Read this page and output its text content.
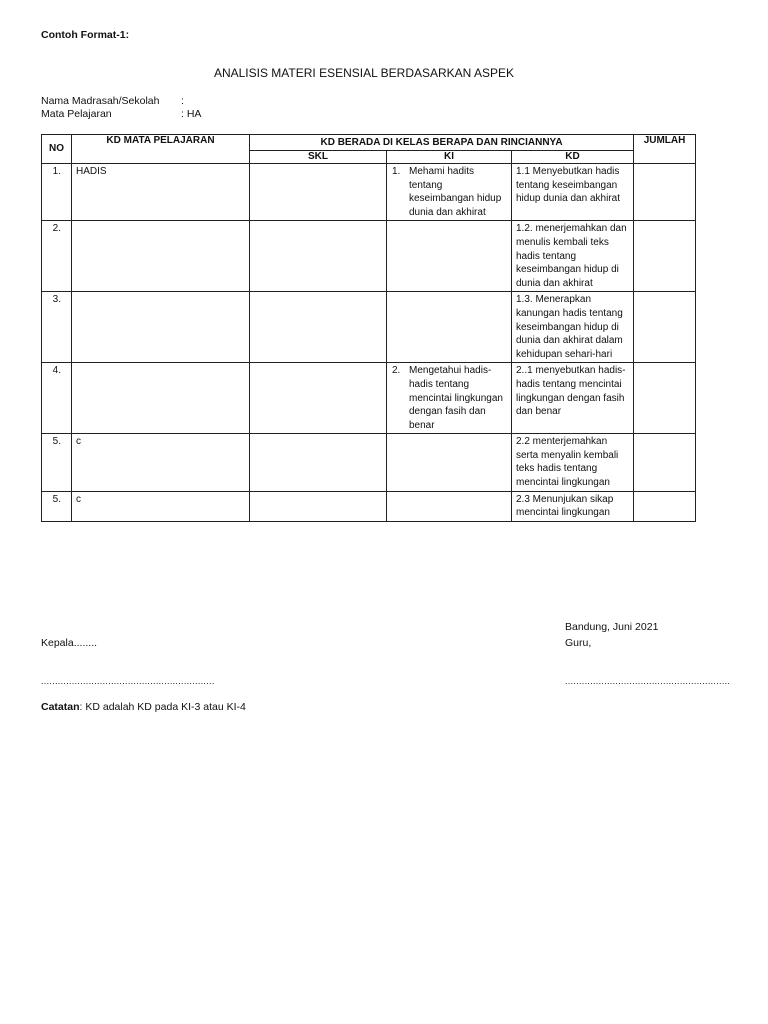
Contoh Format-1:
ANALISIS MATERI ESENSIAL BERDASARKAN ASPEK
Nama Madrasah/Sekolah :
Mata Pelajaran	: HA
NO	KD MATA PELAJARAN	KD BERADA DI KELAS BERAPA DAN RINCIANNYA			JUMLAH
		SKL	KI	KD	
1.	HADIS		1. Mehami hadits tentang keseimbangan hidup dunia dan akhirat	1.1 Menyebutkan hadis tentang keseimbangan hidup dunia dan akhirat	
2.				1.2. menerjemahkan dan menulis kembali teks hadis tentang keseimbangan hidup di dunia dan akhirat	
3.				1.3. Menerapkan kanungan hadis tentang keseimbangan hidup di dunia dan akhirat dalam kehidupan sehari-hari	
4.			2. Mengetahui hadis-hadis tentang mencintai lingkungan dengan fasih dan benar	2..1 menyebutkan hadis-hadis tentang mencintai lingkungan dengan fasih dan benar	
5.	c			2.2 menterjemahkan serta menyalin kembali teks hadis tentang mencintai lingkungan	
5.	c			2.3 Menunjukan sikap mencintai lingkungan	
Bandung, Juni 2021
Kepala........	Guru,
..............................................................	...........................................................
Catatan: KD adalah KD pada KI-3 atau KI-4
